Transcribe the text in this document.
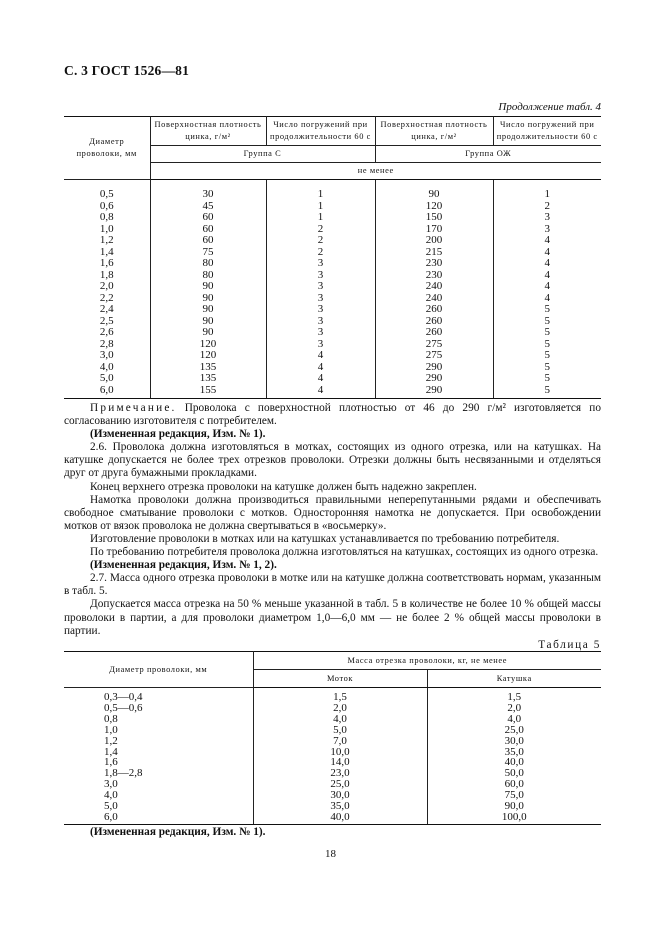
С. 3 ГОСТ 1526—81
Продолжение табл. 4
Диаметр проволоки, мм	Поверхностная плотность цинка, г/м²	Число погружений при продолжительности 60 с	Поверхностная плотность цинка, г/м²	Число погружений при продолжительности 60 с
	Группа С		Группа ОЖ	
	не менее			
0,5	30	1	90	1
0,6	45	1	120	2
0,8	60	1	150	3
1,0	60	2	170	3
1,2	60	2	200	4
1,4	75	2	215	4
1,6	80	3	230	4
1,8	80	3	230	4
2,0	90	3	240	4
2,2	90	3	240	4
2,4	90	3	260	5
2,5	90	3	260	5
2,6	90	3	260	5
2,8	120	3	275	5
3,0	120	4	275	5
4,0	135	4	290	5
5,0	135	4	290	5
6,0	155	4	290	5

Примечание. Проволока с поверхностной плотностью от 46 до 290 г/м² изготовляется по согласованию изготовителя с потребителем.

(Измененная редакция, Изм. № 1).

2.6. Проволока должна изготовляться в мотках, состоящих из одного отрезка, или на катушках. На катушке допускается не более трех отрезков проволоки. Отрезки должны быть несвязанными и отделяться друг от друга бумажными прокладками.

Конец верхнего отрезка проволоки на катушке должен быть надежно закреплен.

Намотка проволоки должна производиться правильными неперепутанными рядами и обеспечивать свободное сматывание проволоки с мотков. Односторонняя намотка не допускается. При освобождении мотков от вязок проволока не должна свертываться в «восьмерку».

Изготовление проволоки в мотках или на катушках устанавливается по требованию потребителя.

По требованию потребителя проволока должна изготовляться на катушках, состоящих из одного отрезка.

(Измененная редакция, Изм. № 1, 2).

2.7. Масса одного отрезка проволоки в мотке или на катушке должна соответствовать нормам, указанным в табл. 5.

Допускается масса отрезка на 50 % меньше указанной в табл. 5 в количестве не более 10 % общей массы проволоки в партии, а для проволоки диаметром 1,0—6,0 мм — не более 2 % общей массы проволоки в партии.

Таблица 5

Диаметр проволоки, мм	Масса отрезка проволоки, кг, не менее	
	Моток	Катушка
0,3—0,4	1,5	1,5
0,5—0,6	2,0	2,0
0,8	4,0	4,0
1,0	5,0	25,0
1,2	7,0	30,0
1,4	10,0	35,0
1,6	14,0	40,0
1,8—2,8	23,0	50,0
3,0	25,0	60,0
4,0	30,0	75,0
5,0	35,0	90,0
6,0	40,0	100,0
(Измененная редакция, Изм. № 1).
18
